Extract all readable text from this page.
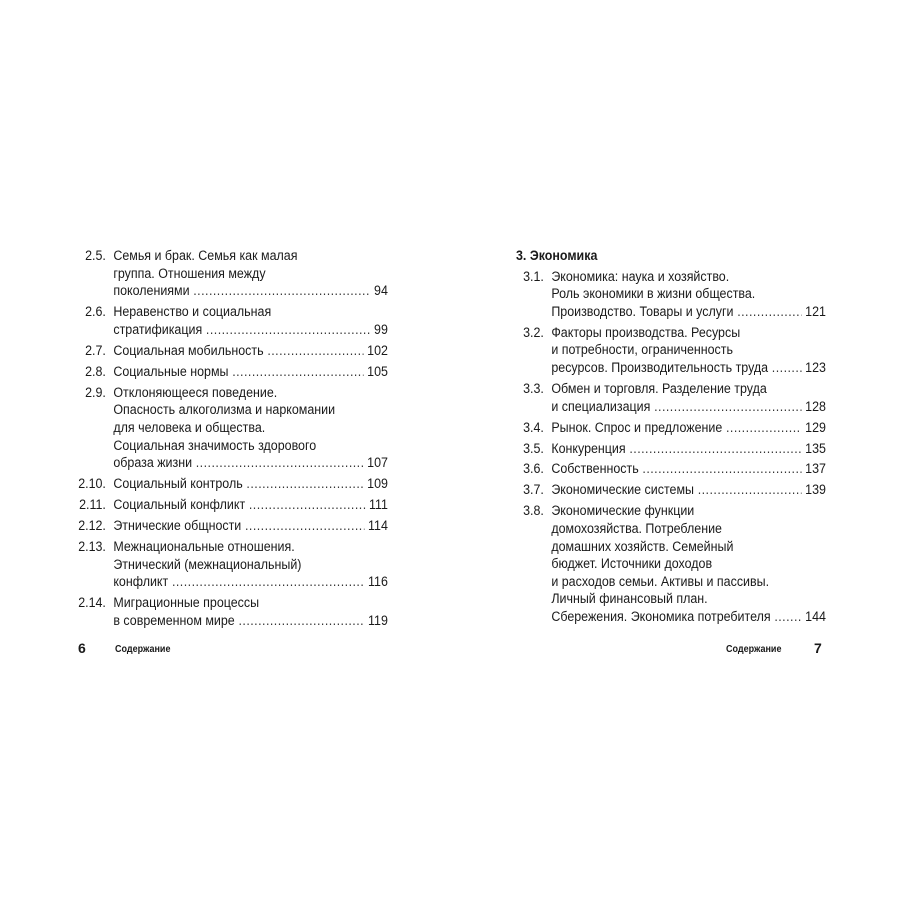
2.5. Семья и брак. Семья как малая
группа. Отношения между
поколениями .....	94
2.6. Неравенство и социальная
стратификация .....	99
2.7. Социальная мобильность .....	102
2.8. Социальные нормы .....	105
2.9. Отклоняющееся поведение.
Опасность алкоголизма и наркомании
для человека и общества.
Социальная значимость здорового
образа жизни .....	107
2.10. Социальный контроль .....	109
2.11. Социальный конфликт .....	111
2.12. Этнические общности .....	114
2.13. Межнациональные отношения.
Этнический (межнациональный)
конфликт .....	116
2.14. Миграционные процессы
в современном мире .....	119
3. Экономика
3.1. Экономика: наука и хозяйство.
Роль экономики в жизни общества.
Производство. Товары и услуги .....	121
3.2. Факторы производства. Ресурсы
и потребности, ограниченность
ресурсов. Производительность труда .....	123
3.3. Обмен и торговля. Разделение труда
и специализация .....	128
3.4. Рынок. Спрос и предложение .....	129
3.5. Конкуренция .....	135
3.6. Собственность .....	137
3.7. Экономические системы .....	139
3.8. Экономические функции
домохозяйства. Потребление
домашних хозяйств. Семейный
бюджет. Источники доходов
и расходов семьи. Активы и пассивы.
Личный финансовый план.
Сбережения. Экономика потребителя .....	144
6	Содержание	Содержание 7
